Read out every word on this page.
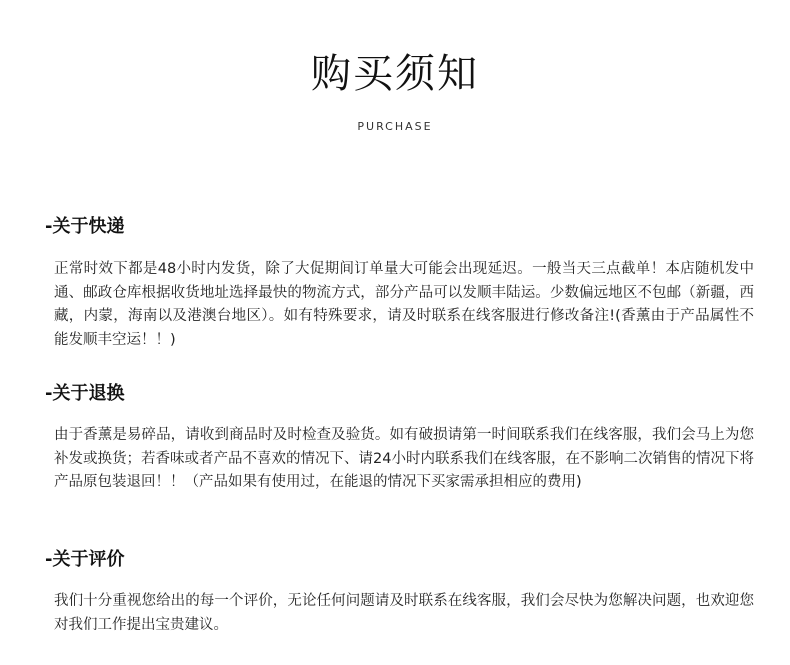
购买须知
PURCHASE
-关于快递
正常时效下都是48小时内发货，除了大促期间订单量大可能会出现延迟。一般当天三点截单！本店随机发中通、邮政仓库根据收货地址选择最快的物流方式，部分产品可以发顺丰陆运。少数偏远地区不包邮（新疆，西藏，内蒙，海南以及港澳台地区）。如有特殊要求，请及时联系在线客服进行修改备注!(香薰由于产品属性不能发顺丰空运！！)
-关于退换
由于香薰是易碎品，请收到商品时及时检查及验货。如有破损请第一时间联系我们在线客服，我们会马上为您补发或换货；若香味或者产品不喜欢的情况下、请24小时内联系我们在线客服，在不影响二次销售的情况下将产品原包装退回！！（产品如果有使用过，在能退的情况下买家需承担相应的费用)
-关于评价
我们十分重视您给出的每一个评价，无论任何问题请及时联系在线客服，我们会尽快为您解决问题，也欢迎您对我们工作提出宝贵建议。
